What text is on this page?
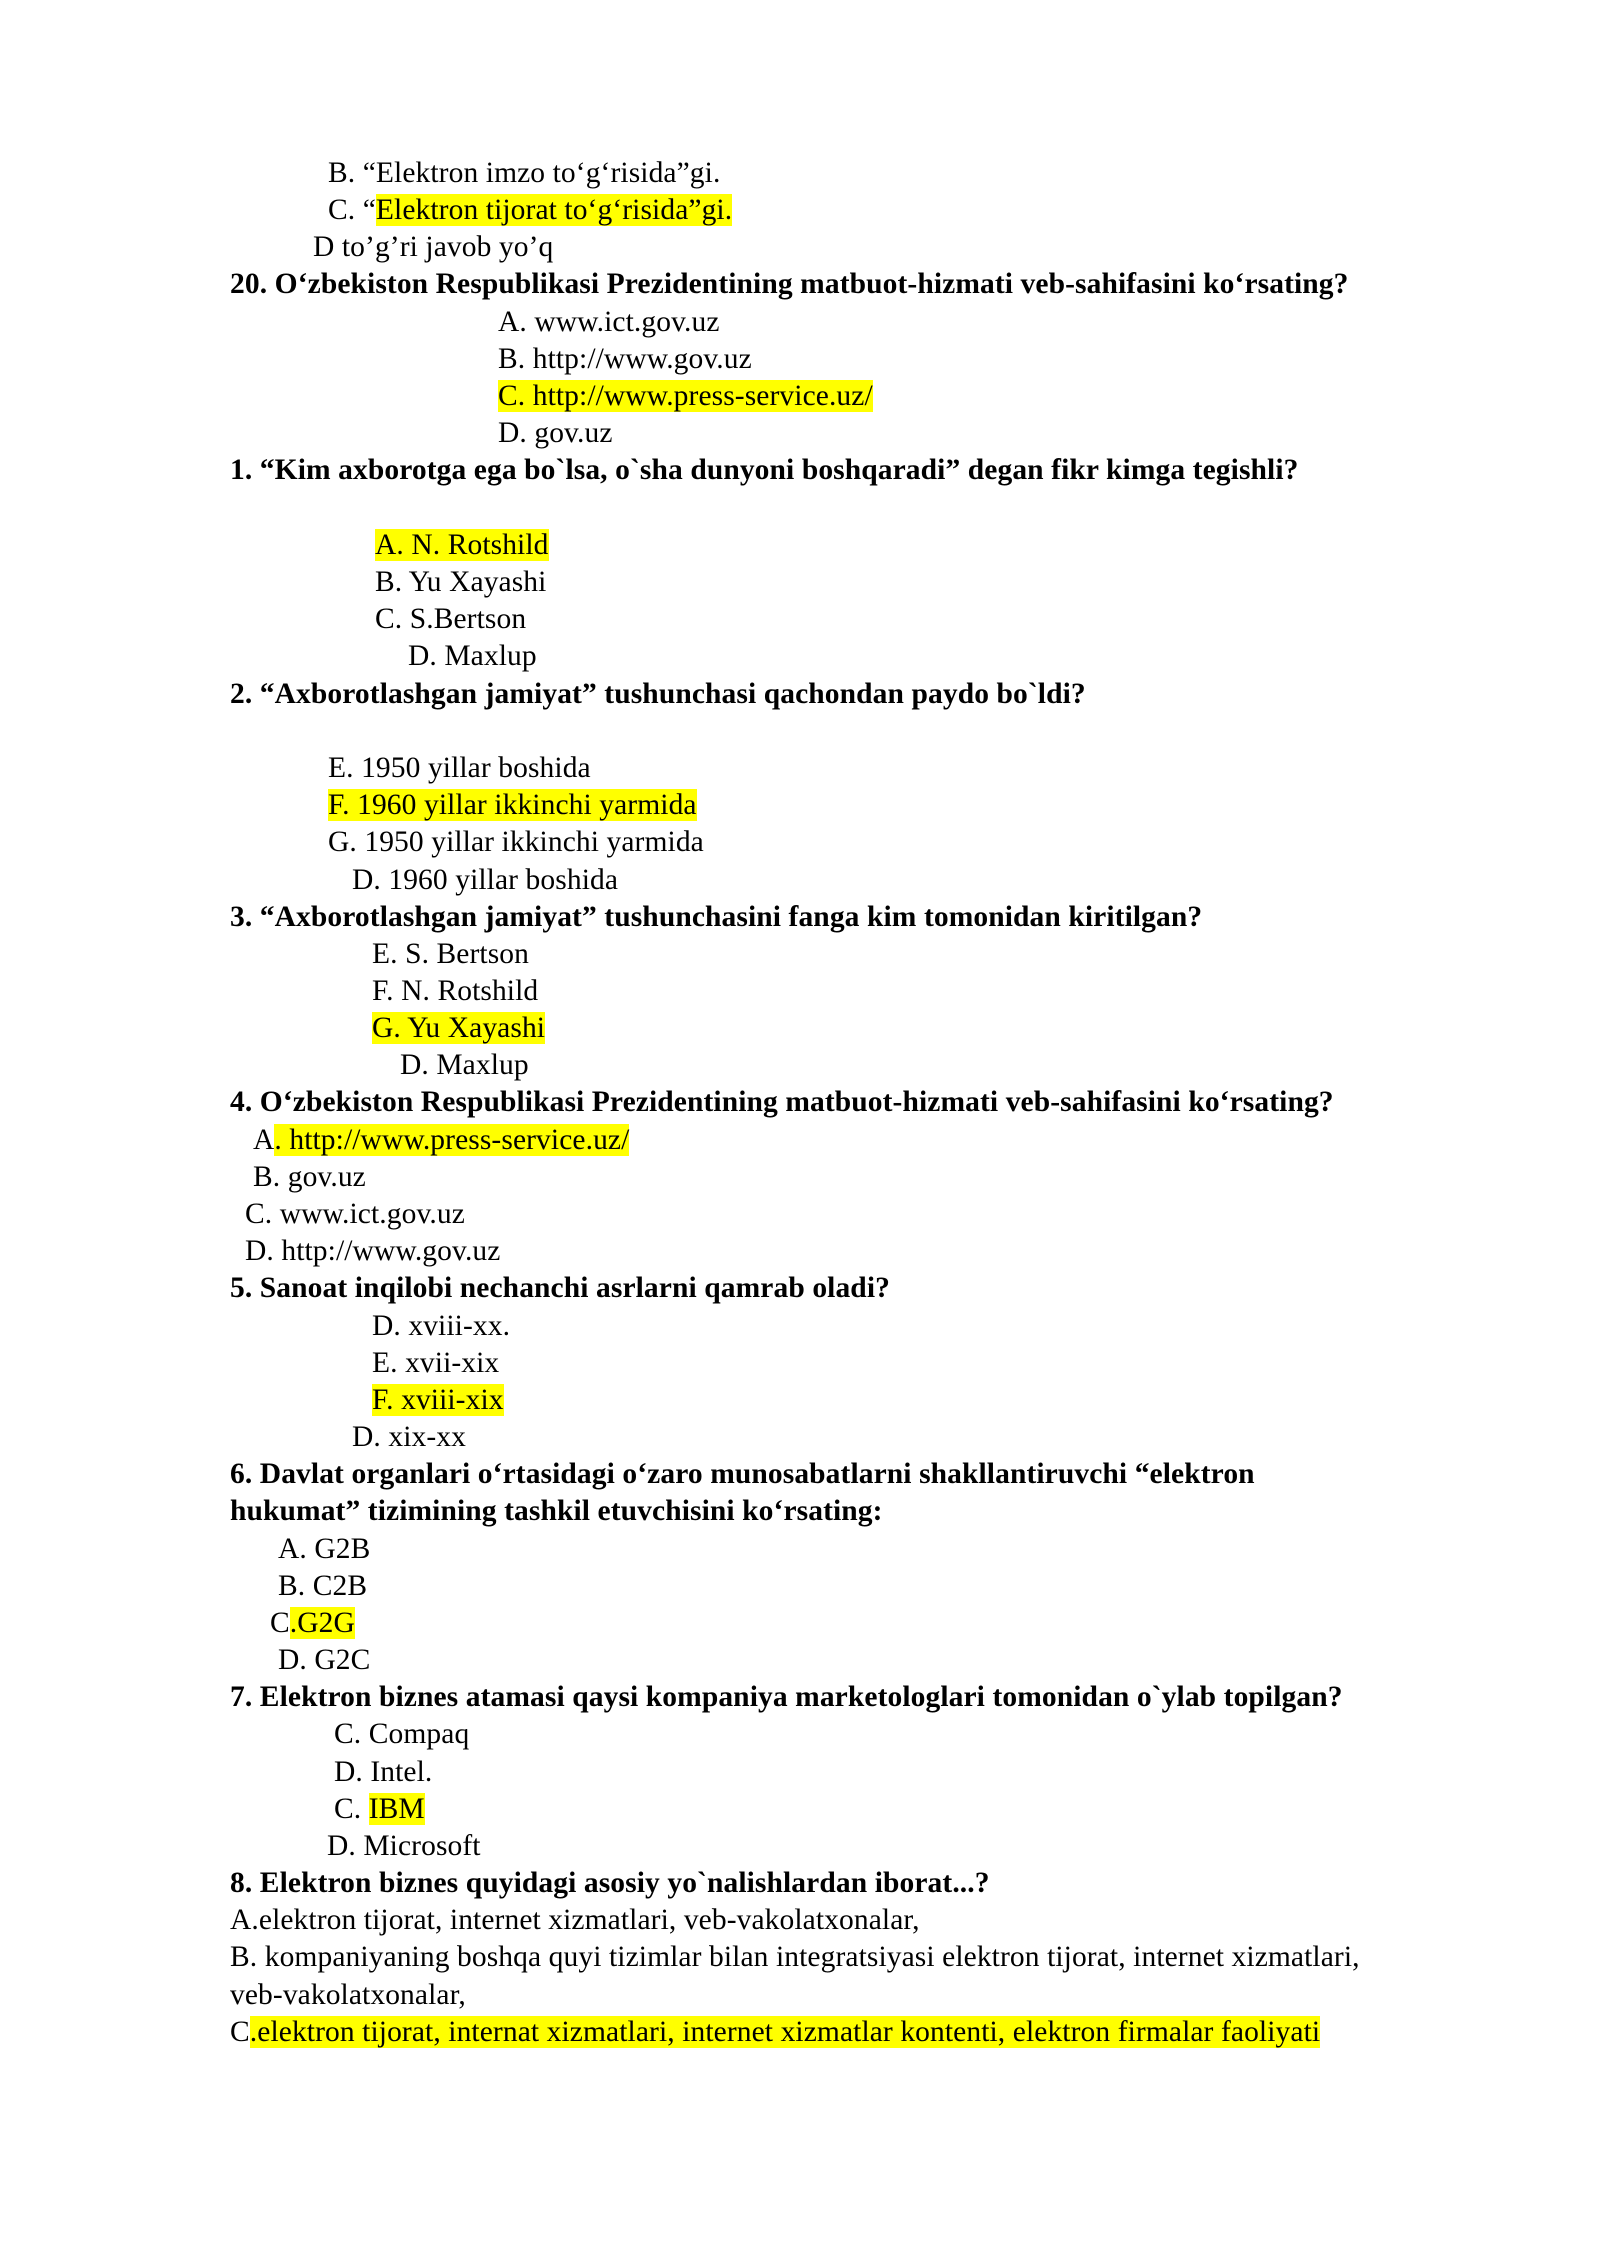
B. “Elektron imzo to‘g‘risida”gi.
C. “Elektron tijorat to‘g‘risida”gi.
D to’g’ri javob yo’q
20. O‘zbekiston Respublikasi Prezidentining matbuot-hizmati veb-sahifasini ko‘rsating?
A. www.ict.gov.uz
B. http://www.gov.uz
C. http://www.press-service.uz/
D. gov.uz
1. “Kim axborotga ega bo`lsa, o`sha dunyoni boshqaradi” degan fikr kimga tegishli?
A. N. Rotshild
B. Yu Xayashi
C. S.Bertson
D. Maxlup
2. “Axborotlashgan jamiyat” tushunchasi qachondan paydo bo`ldi?
E. 1950 yillar boshida
F. 1960 yillar ikkinchi yarmida
G. 1950 yillar ikkinchi yarmida
D. 1960 yillar boshida
3. “Axborotlashgan jamiyat” tushunchasini fanga kim tomonidan kiritilgan?
E. S. Bertson
F. N. Rotshild
G. Yu Xayashi
D. Maxlup
4. O‘zbekiston Respublikasi Prezidentining matbuot-hizmati veb-sahifasini ko‘rsating?
A. http://www.press-service.uz/
B. gov.uz
C. www.ict.gov.uz
D. http://www.gov.uz
5. Sanoat inqilobi nechanchi asrlarni qamrab oladi?
D. xviii-xx.
E. xvii-xix
F. xviii-xix
D. xix-xx
6. Davlat organlari o‘rtasidagi o‘zaro munosabatlarni shakllantiruvchi “elektron
hukumat” tizimining tashkil etuvchisini ko‘rsating:
A. G2B
B. C2B
C.G2G
D. G2C
7. Elektron biznes atamasi qaysi kompaniya marketologlari tomonidan o`ylab topilgan?
C. Compaq
D. Intel.
C. IBM
D. Microsoft
8. Elektron biznes quyidagi asosiy yo`nalishlardan iborat...?
A.elektron tijorat, internet xizmatlari, veb-vakolatxonalar,
B. kompaniyaning boshqa quyi tizimlar bilan integratsiyasi elektron tijorat, internet xizmatlari,
veb-vakolatxonalar,
C.elektron tijorat, internat xizmatlari, internet xizmatlar kontenti, elektron firmalar faoliyati
